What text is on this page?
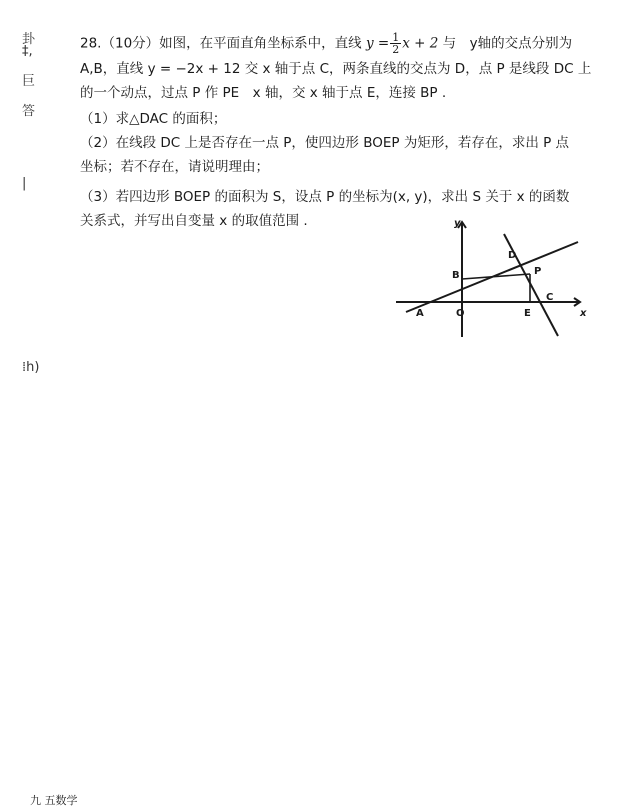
卦
‡,
巨
答
|
⁞h)
28.（10分）如图，在平面直角坐标系中，直线 $y = \frac{1}{2}$ x + 2 与　y轴的交点分别为
A,B，直线 y = −2x + 12 交 x 轴于点 C，两条直线的交点为 D，点 P 是线段 DC 上
的一个动点，过点 P 作 PE　x 轴，交 x 轴于点 E，连接 BP .
（1）求△DAC 的面积；
（2）在线段 DC 上是否存在一点 P，使四边形 BOEP 为矩形，若存在，求出 P 点
坐标；若不存在，请说明理由；
（3）若四边形 BOEP 的面积为 S，设点 P 的坐标为(x, y)，求出 S 关于 x 的函数
关系式，并写出自变量 x 的取值范围 .	y
x
O
A
B
C
D
E
P
九 五数学
